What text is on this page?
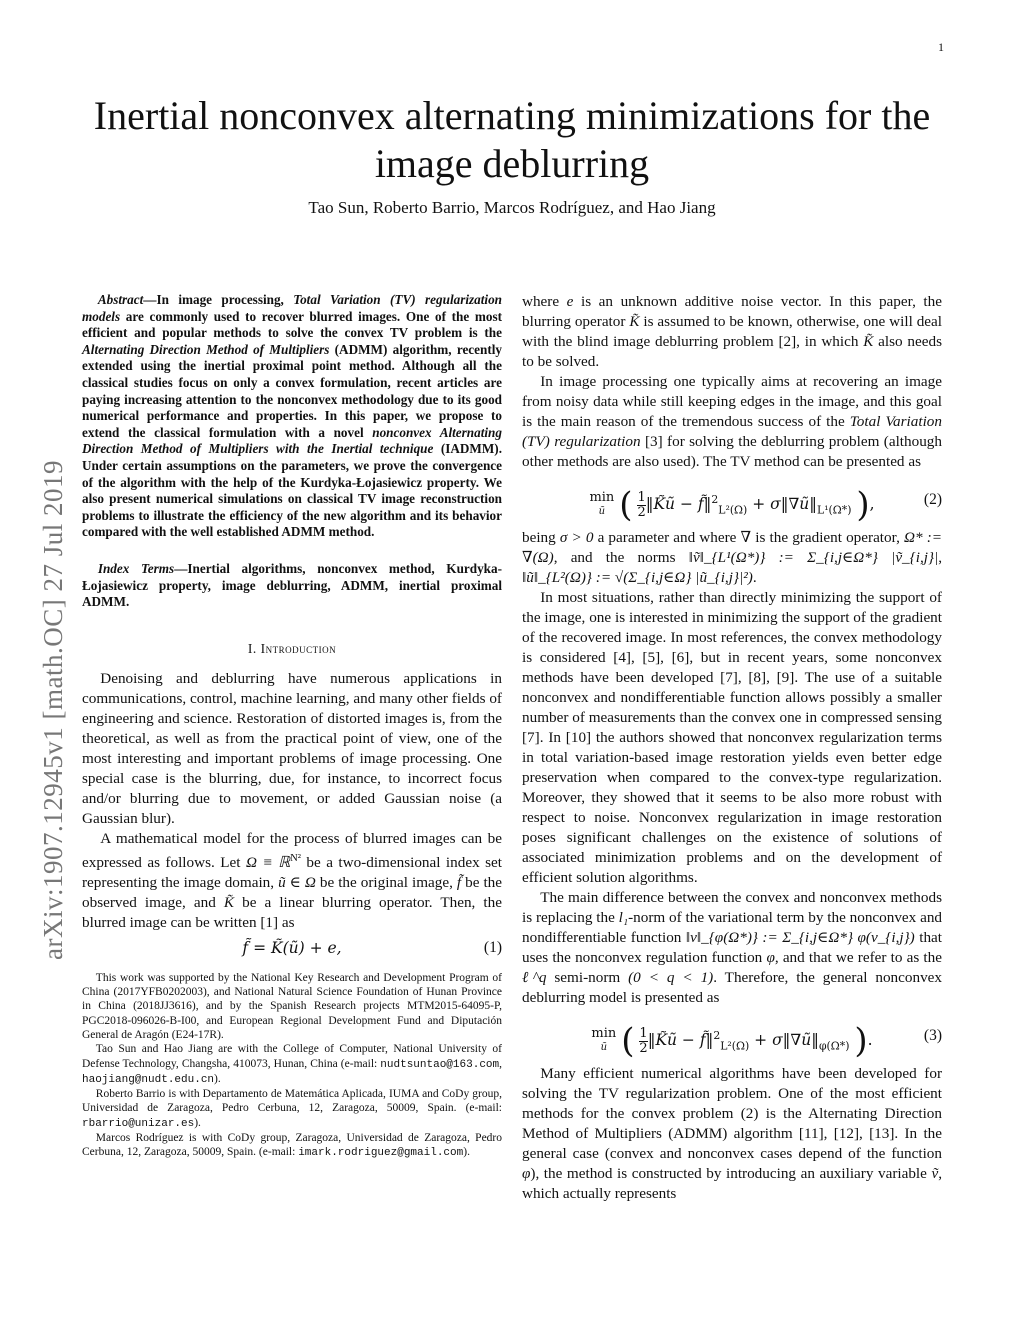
1
arXiv:1907.12945v1 [math.OC] 27 Jul 2019
Inertial nonconvex alternating minimizations for the image deblurring
Tao Sun, Roberto Barrio, Marcos Rodríguez, and Hao Jiang

Abstract—In image processing, Total Variation (TV) regularization models are commonly used to recover blurred images. One of the most efficient and popular methods to solve the convex TV problem is the Alternating Direction Method of Multipliers (ADMM) algorithm, recently extended using the inertial proximal point method. Although all the classical studies focus on only a convex formulation, recent articles are paying increasing attention to the nonconvex methodology due to its good numerical performance and properties. In this paper, we propose to extend the classical formulation with a novel nonconvex Alternating Direction Method of Multipliers with the Inertial technique (IADMM). Under certain assumptions on the parameters, we prove the convergence of the algorithm with the help of the Kurdyka-Łojasiewicz property. We also present numerical simulations on classical TV image reconstruction problems to illustrate the efficiency of the new algorithm and its behavior compared with the well established ADMM method.

Index Terms—Inertial algorithms, nonconvex method, Kurdyka-Łojasiewicz property, image deblurring, ADMM, inertial proximal ADMM.

I. Introduction

Denoising and deblurring have numerous applications in communications, control, machine learning, and many other fields of engineering and science. Restoration of distorted images is, from the theoretical, as well as from the practical point of view, one of the most interesting and important problems of image processing. One special case is the blurring, due, for instance, to incorrect focus and/or blurring due to movement, or added Gaussian noise (a Gaussian blur).

A mathematical model for the process of blurred images can be expressed as follows. Let Ω ≡ ℝ$^{N^2}$ be a two-dimensional index set representing the image domain, ũ ∈ Ω be the original image, f̃ be the observed image, and K̃ be a linear blurring operator. Then, the blurred image can be written [1] as

f̃ = K̃(ũ) + e,	(1)

This work was supported by the National Key Research and Development Program of China (2017YFB0202003), and National Natural Science Foundation of Hunan Province in China (2018JJ3616), and by the Spanish Research projects MTM2015-64095-P, PGC2018-096026-B-I00, and European Regional Development Fund and Diputación General de Aragón (E24-17R).

Tao Sun and Hao Jiang are with the College of Computer, National University of Defense Technology, Changsha, 410073, Hunan, China (e-mail: nudtsuntao@163.com, haojiang@nudt.edu.cn).

Roberto Barrio is with Departamento de Matemática Aplicada, IUMA and CoDy group, Universidad de Zaragoza, Pedro Cerbuna, 12, Zaragoza, 50009, Spain. (e-mail: rbarrio@unizar.es).

Marcos Rodríguez is with CoDy group, Zaragoza, Universidad de Zaragoza, Pedro Cerbuna, 12, Zaragoza, 50009, Spain. (e-mail: imark.rodriguez@gmail.com).

where e is an unknown additive noise vector. In this paper, the blurring operator K̃ is assumed to be known, otherwise, one will deal with the blind image deblurring problem [2], in which K̃ also needs to be solved.

In image processing one typically aims at recovering an image from noisy data while still keeping edges in the image, and this goal is the main reason of the tremendous success of the Total Variation (TV) regularization [3] for solving the deblurring problem (although other methods are also used). The TV method can be presented as

min
ũ ( $\frac{1}{2}$ ‖K̃ũ − f̃‖$^2_{L^2(\Omega)}$ + $\sigma‖\nabla ũ‖_{L^1(\Omega*)}$ ),	(2)

being σ > 0 a parameter and where ∇ is the gradient operator, Ω* := ∇(Ω), and the norms ‖ṽ‖_{L¹(Ω*)} := Σ_{i,j∈Ω*} |ṽ_{i,j}|, ‖ũ‖_{L²(Ω)} := √(Σ_{i,j∈Ω} |ũ_{i,j}|²).

In most situations, rather than directly minimizing the support of the image, one is interested in minimizing the support of the gradient of the recovered image. In most references, the convex methodology is considered [4], [5], [6], but in recent years, some nonconvex methods have been developed [7], [8], [9]. The use of a suitable nonconvex and nondifferentiable function allows possibly a smaller number of measurements than the convex one in compressed sensing [7]. In [10] the authors showed that nonconvex regularization terms in total variation-based image restoration yields even better edge preservation when compared to the convex-type regularization. Moreover, they showed that it seems to be also more robust with respect to noise. Nonconvex regularization in image restoration poses significant challenges on the existence of solutions of associated minimization problems and on the development of efficient solution algorithms.

The main difference between the convex and nonconvex methods is replacing the l₁-norm of the variational term by the nonconvex and nondifferentiable function ‖v‖_{φ(Ω*)} := Σ_{i,j∈Ω*} φ(v_{i,j}) that uses the nonconvex regulation function φ, and that we refer to as the ℓ^q semi-norm (0 < q < 1). Therefore, the general nonconvex deblurring model is presented as

min
ũ ( $\frac{1}{2}$ ‖K̃ũ − f̃‖$^2_{L^2(\Omega)}$ + $\sigma‖\nabla ũ‖_{\varphi(\Omega*)}$ ).	(3)

Many efficient numerical algorithms have been developed for solving the TV regularization problem. One of the most efficient methods for the convex problem (2) is the Alternating Direction Method of Multipliers (ADMM) algorithm [11], [12], [13]. In the general case (convex and nonconvex cases depend of the function φ), the method is constructed by introducing an auxiliary variable ṽ, which actually represents
